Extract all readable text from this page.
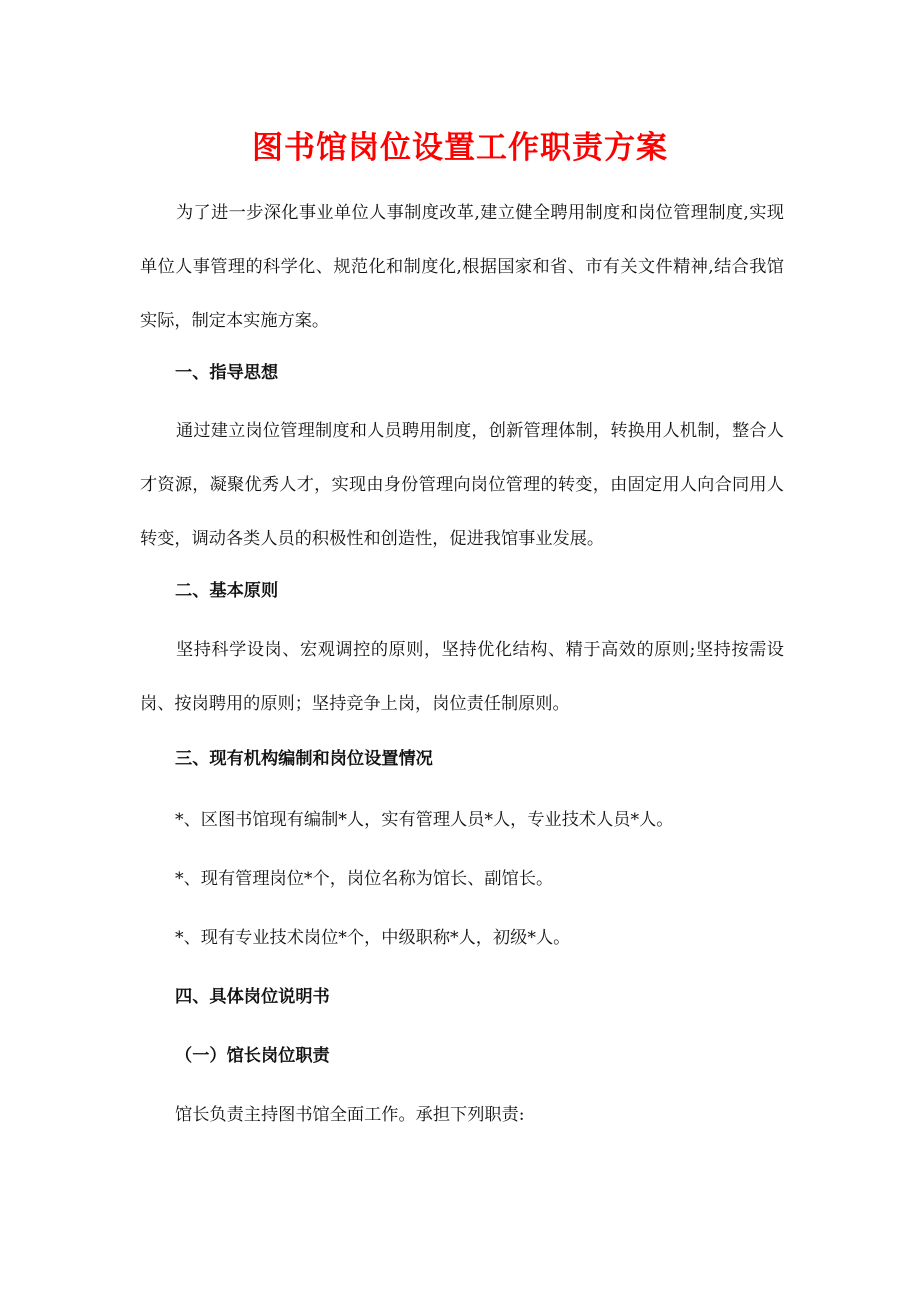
图书馆岗位设置工作职责方案

为了进一步深化事业单位人事制度改革,建立健全聘用制度和岗位管理制度,实现单位人事管理的科学化、规范化和制度化,根据国家和省、市有关文件精神,结合我馆实际，制定本实施方案。

一、指导思想

通过建立岗位管理制度和人员聘用制度，创新管理体制，转换用人机制，整合人才资源，凝聚优秀人才，实现由身份管理向岗位管理的转变，由固定用人向合同用人转变，调动各类人员的积极性和创造性，促进我馆事业发展。

二、基本原则

坚持科学设岗、宏观调控的原则，坚持优化结构、精于高效的原则;坚持按需设岗、按岗聘用的原则；坚持竞争上岗，岗位责任制原则。

三、现有机构编制和岗位设置情况
*、区图书馆现有编制*人，实有管理人员*人，专业技术人员*人。
*、现有管理岗位*个，岗位名称为馆长、副馆长。
*、现有专业技术岗位*个，中级职称*人，初级*人。
四、具体岗位说明书
（一）馆长岗位职责
馆长负责主持图书馆全面工作。承担下列职责:
